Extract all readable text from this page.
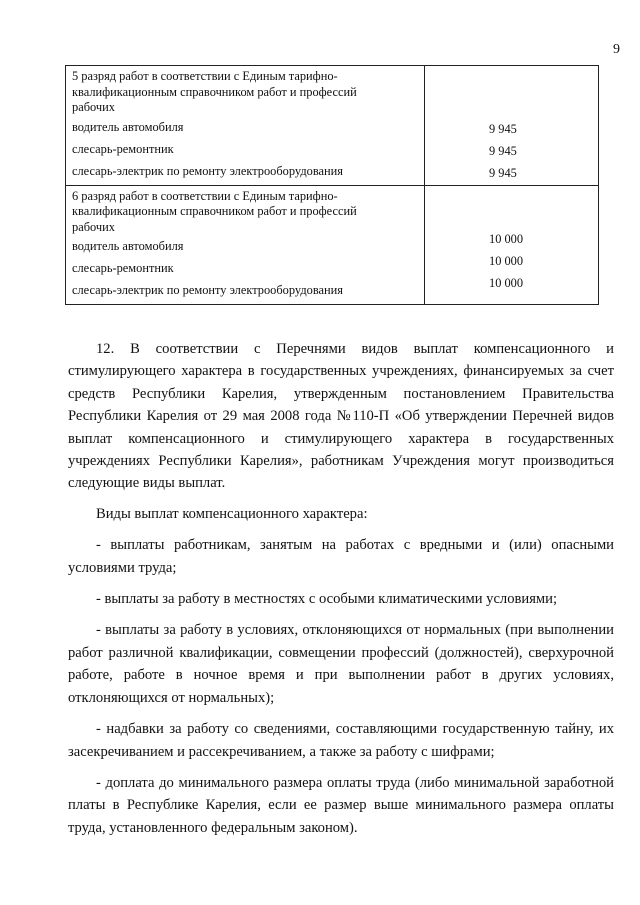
9
5 разряд работ в соответствии с Единым тарифно-
квалификационным справочником работ и профессий
рабочих
водитель автомобиля
слесарь-ремонтник
слесарь-электрик по ремонту электрооборудования
9 945
9 945
9 945
6 разряд работ в соответствии с Единым тарифно-
квалификационным справочником работ и профессий
рабочих
водитель автомобиля
слесарь-ремонтник
слесарь-электрик по ремонту электрооборудования
10 000
10 000
10 000

12. В соответствии с Перечнями видов выплат компенсационного и стимулирующего характера в государственных учреждениях, финансируемых за счет средств Республики Карелия, утвержденным постановлением Правительства Республики Карелия от 29 мая 2008 года №110-П «Об утверждении Перечней видов выплат компенсационного и стимулирующего характера в государственных учреждениях Республики Карелия», работникам Учреждения могут производиться следующие виды выплат.

Виды выплат компенсационного характера:

- выплаты работникам, занятым на работах с вредными и (или) опасными условиями труда;

- выплаты за работу в местностях с особыми климатическими условиями;

- выплаты за работу в условиях, отклоняющихся от нормальных (при выполнении работ различной квалификации, совмещении профессий (должностей), сверхурочной работе, работе в ночное время и при выполнении работ в других условиях, отклоняющихся от нормальных);

- надбавки за работу со сведениями, составляющими государственную тайну, их засекречиванием и рассекречиванием, а также за работу с шифрами;

- доплата до минимального размера оплаты труда (либо минимальной заработной платы в Республике Карелия, если ее размер выше минимального размера оплаты труда, установленного федеральным законом).
